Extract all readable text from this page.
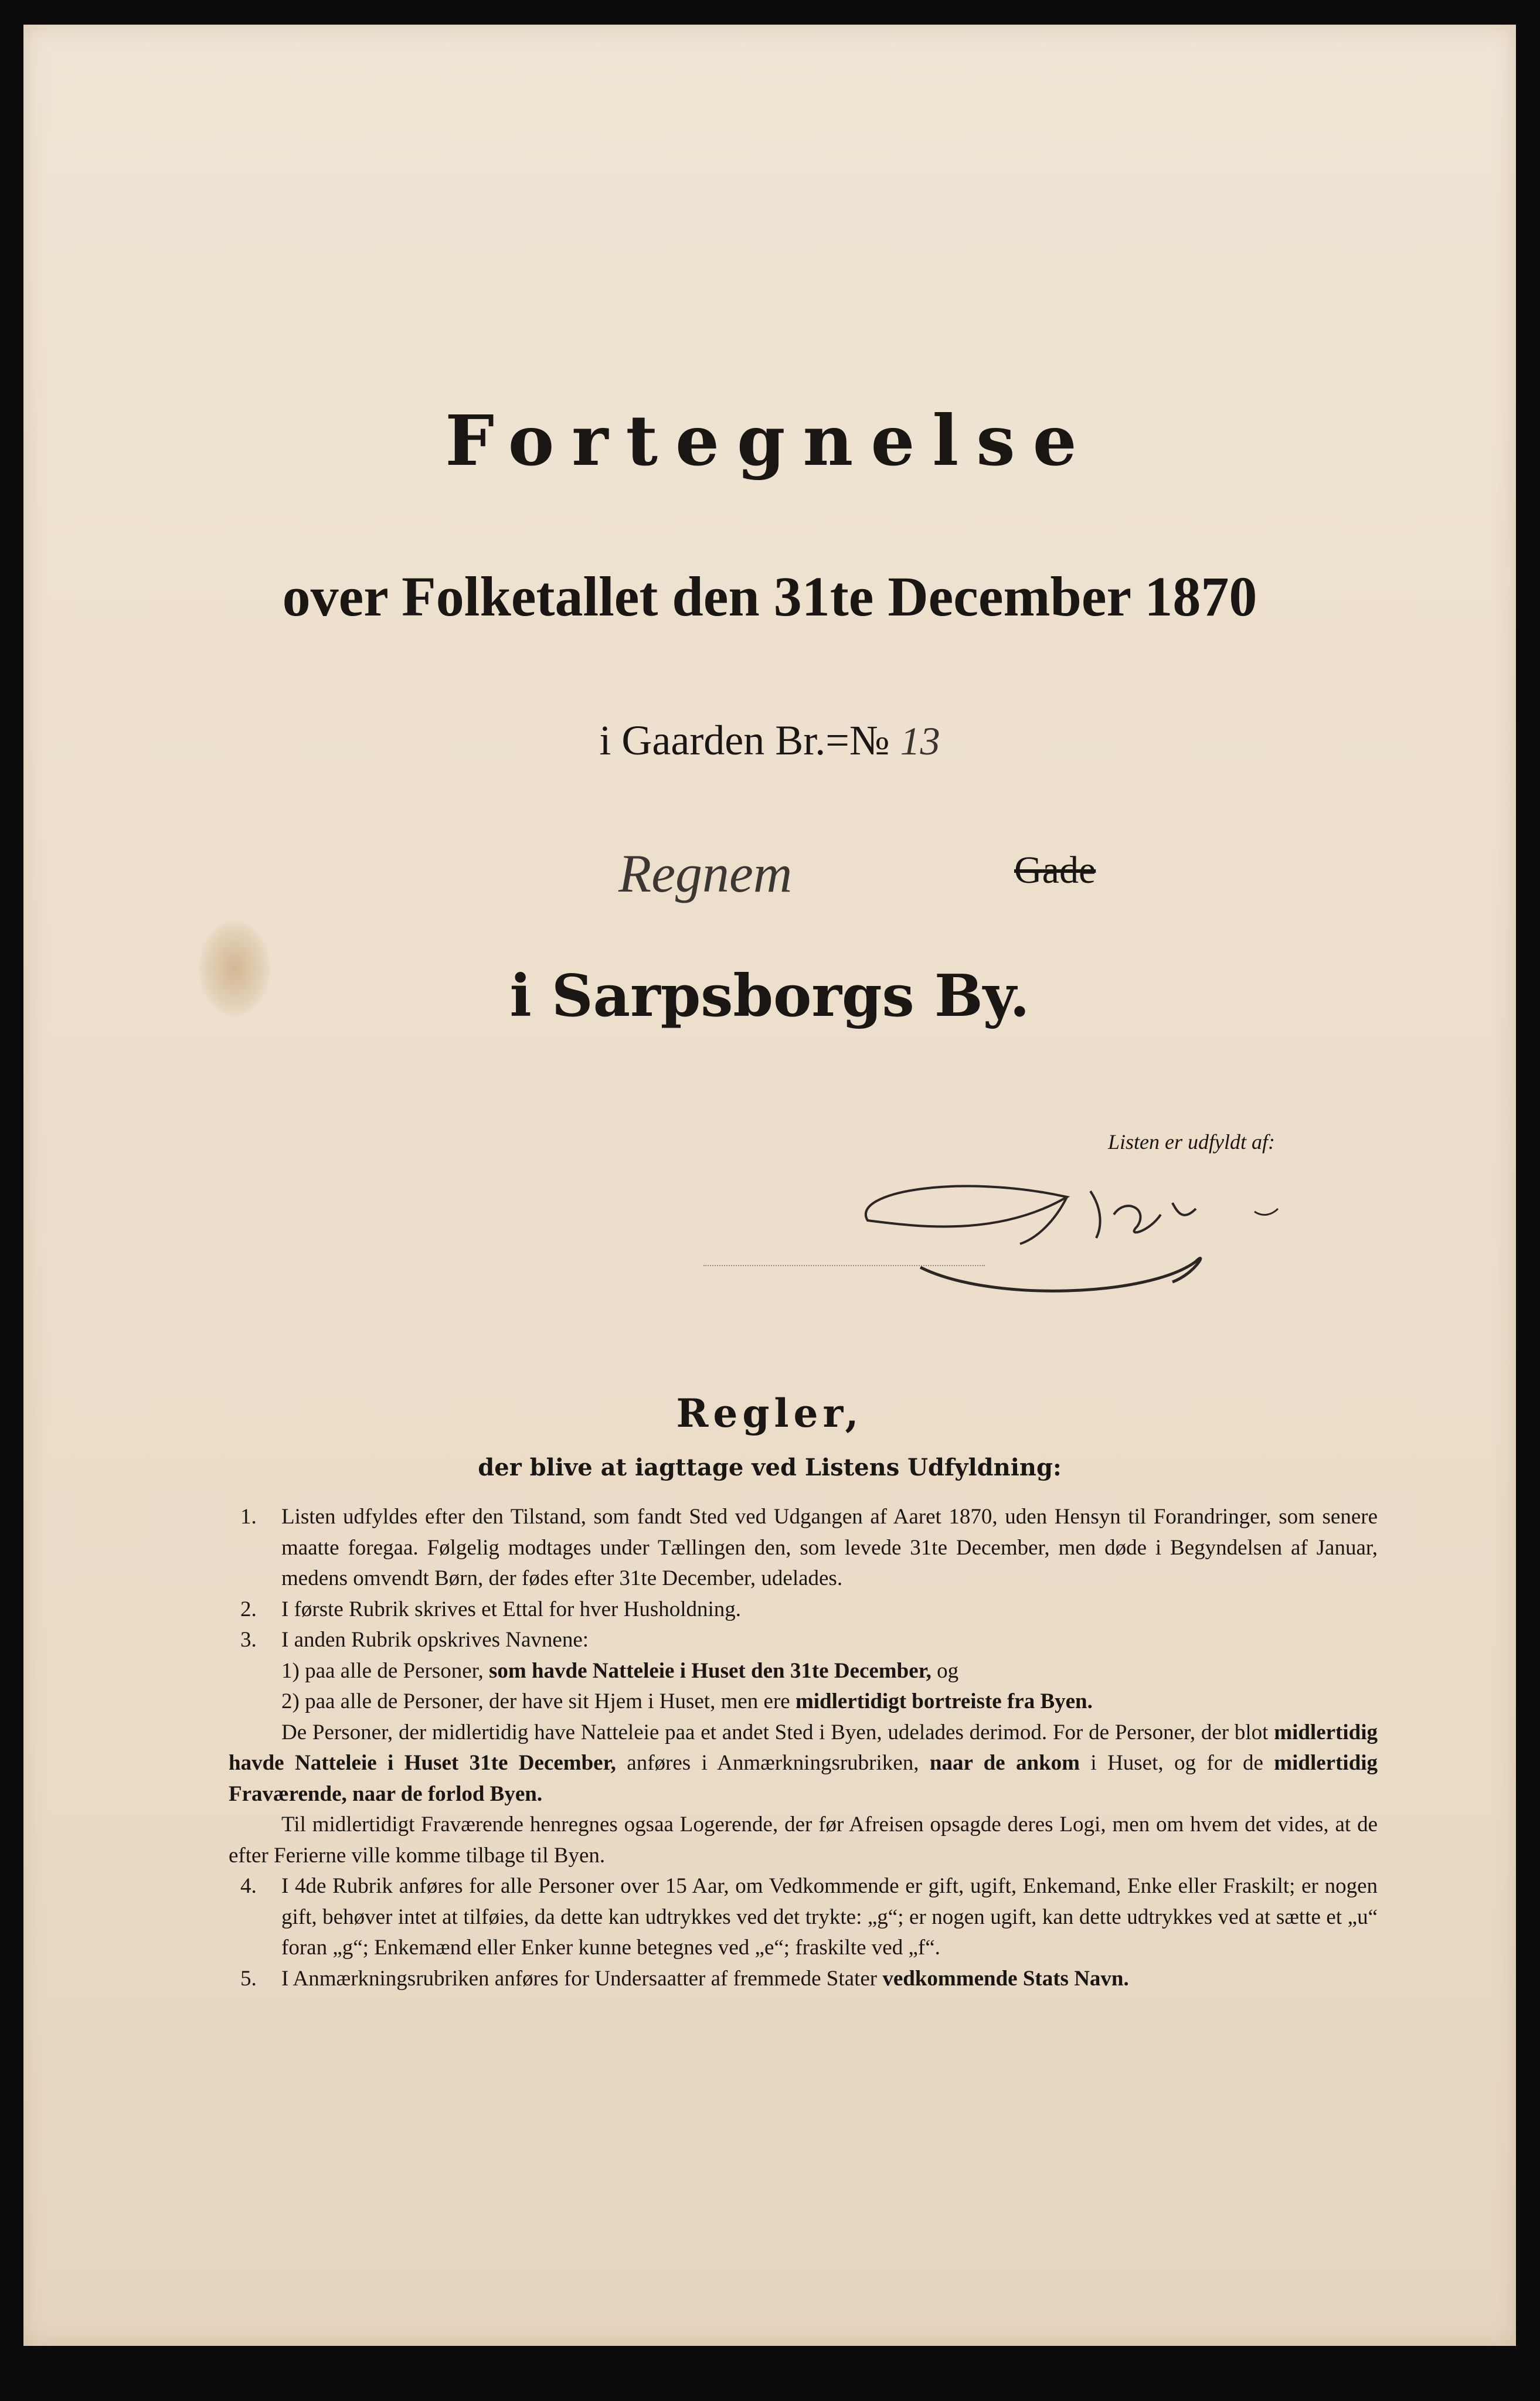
Fortegnelse
over Folketallet den 31te December 1870
i Gaarden Br.=№ 13
Regnem	Gade
i Sarpsborgs By.
Listen er udfyldt af:
Regler,
der blive at iagttage ved Listens Udfyldning:
1. Listen udfyldes efter den Tilstand, som fandt Sted ved Udgangen af Aaret 1870, uden Hensyn til Forandringer, som senere maatte foregaa. Følgelig modtages under Tællingen den, som levede 31te December, men døde i Begyndelsen af Januar, medens omvendt Børn, der fødes efter 31te December, udelades.
2. I første Rubrik skrives et Ettal for hver Husholdning.
3. I anden Rubrik opskrives Navnene:
1) paa alle de Personer, som havde Natteleie i Huset den 31te December, og
2) paa alle de Personer, der have sit Hjem i Huset, men ere midlertidigt bortreiste fra Byen.
De Personer, der midlertidig have Natteleie paa et andet Sted i Byen, udelades derimod. For de Personer, der blot midlertidig havde Natteleie i Huset 31te December, anføres i Anmærkningsrubriken, naar de ankom i Huset, og for de midlertidig Fraværende, naar de forlod Byen.
Til midlertidigt Fraværende henregnes ogsaa Logerende, der før Afreisen opsagde deres Logi, men om hvem det vides, at de efter Ferierne ville komme tilbage til Byen.
4. I 4de Rubrik anføres for alle Personer over 15 Aar, om Vedkommende er gift, ugift, Enkemand, Enke eller Fraskilt; er nogen gift, behøver intet at tilføies, da dette kan udtrykkes ved det trykte: „g“; er nogen ugift, kan dette udtrykkes ved at sætte et „u“ foran „g“; Enkemænd eller Enker kunne betegnes ved „e“; fraskilte ved „f“.
5. I Anmærkningsrubriken anføres for Undersaatter af fremmede Stater vedkommende Stats Navn.
